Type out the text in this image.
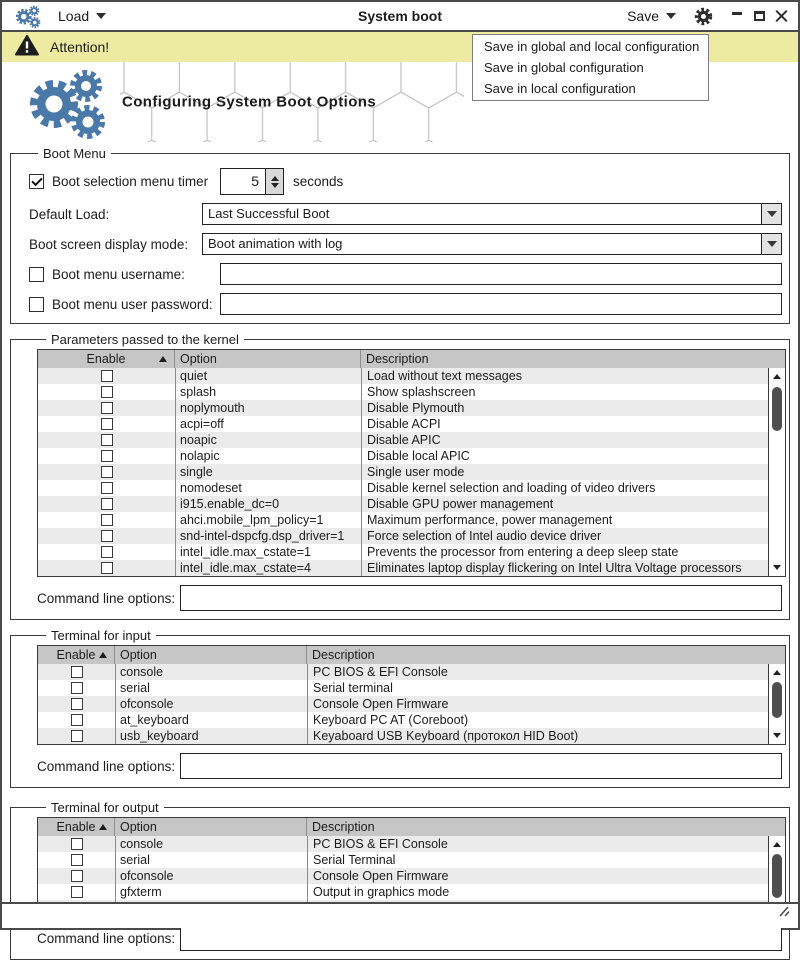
Load	System boot	Save
Attention!	Save in global and local configuration
Save in global configuration
Save in local configuration
Configuring System Boot Options
Boot Menu
Boot selection menu timer	5	seconds
Default Load:	Last Successful Boot
Boot screen display mode:	Boot animation with log
Boot menu username:
Boot menu user password:
Parameters passed to the kernel
Enable	Option	Description
quiet	Load without text messages
splash	Show splashscreen
noplymouth	Disable Plymouth
acpi=off	Disable ACPI
noapic	Disable APIC
nolapic	Disable local APIC
single	Single user mode
nomodeset	Disable kernel selection and loading of video drivers
i915.enable_dc=0	Disable GPU power management
ahci.mobile_lpm_policy=1	Maximum performance, power management
snd-intel-dspcfg.dsp_driver=1	Force selection of Intel audio device driver
intel_idle.max_cstate=1	Prevents the processor from entering a deep sleep state
intel_idle.max_cstate=4	Eliminates laptop display flickering on Intel Ultra Voltage processors
Command line options:
Terminal for input
Enable	Option	Description
console	PC BIOS & EFI Console
serial	Serial terminal
ofconsole	Console Open Firmware
at_keyboard	Keyboard PC AT (Coreboot)
usb_keyboard	Keyaboard USB Keyboard (протокол HID Boot)
Command line options:
Terminal for output
Enable	Option	Description
console	PC BIOS & EFI Console
serial	Serial Terminal
ofconsole	Console Open Firmware
gfxterm	Output in graphics mode
Command line options:
